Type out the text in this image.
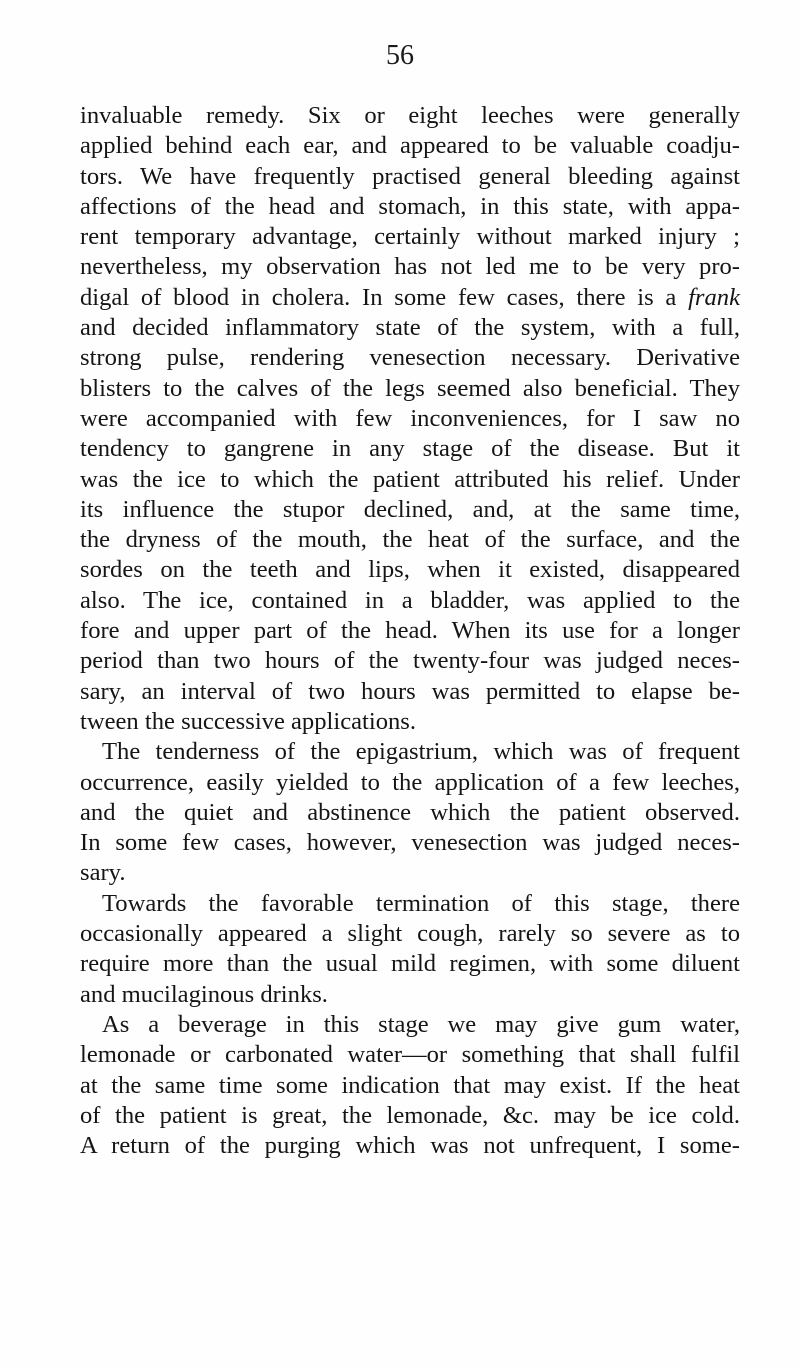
56
invaluable remedy. Six or eight leeches were generally
applied behind each ear, and appeared to be valuable coadju-
tors. We have frequently practised general bleeding against
affections of the head and stomach, in this state, with appa-
rent temporary advantage, certainly without marked injury ;
nevertheless, my observation has not led me to be very pro-
digal of blood in cholera. In some few cases, there is a frank
and decided inflammatory state of the system, with a full,
strong pulse, rendering venesection necessary. Derivative
blisters to the calves of the legs seemed also beneficial. They
were accompanied with few inconveniences, for I saw no
tendency to gangrene in any stage of the disease. But it
was the ice to which the patient attributed his relief. Under
its influence the stupor declined, and, at the same time,
the dryness of the mouth, the heat of the surface, and the
sordes on the teeth and lips, when it existed, disappeared
also. The ice, contained in a bladder, was applied to the
fore and upper part of the head. When its use for a longer
period than two hours of the twenty-four was judged neces-
sary, an interval of two hours was permitted to elapse be-
tween the successive applications.
The tenderness of the epigastrium, which was of frequent
occurrence, easily yielded to the application of a few leeches,
and the quiet and abstinence which the patient observed.
In some few cases, however, venesection was judged neces-
sary.
Towards the favorable termination of this stage, there
occasionally appeared a slight cough, rarely so severe as to
require more than the usual mild regimen, with some diluent
and mucilaginous drinks.
As a beverage in this stage we may give gum water,
lemonade or carbonated water—or something that shall fulfil
at the same time some indication that may exist. If the heat
of the patient is great, the lemonade, &c. may be ice cold.
A return of the purging which was not unfrequent, I some-
